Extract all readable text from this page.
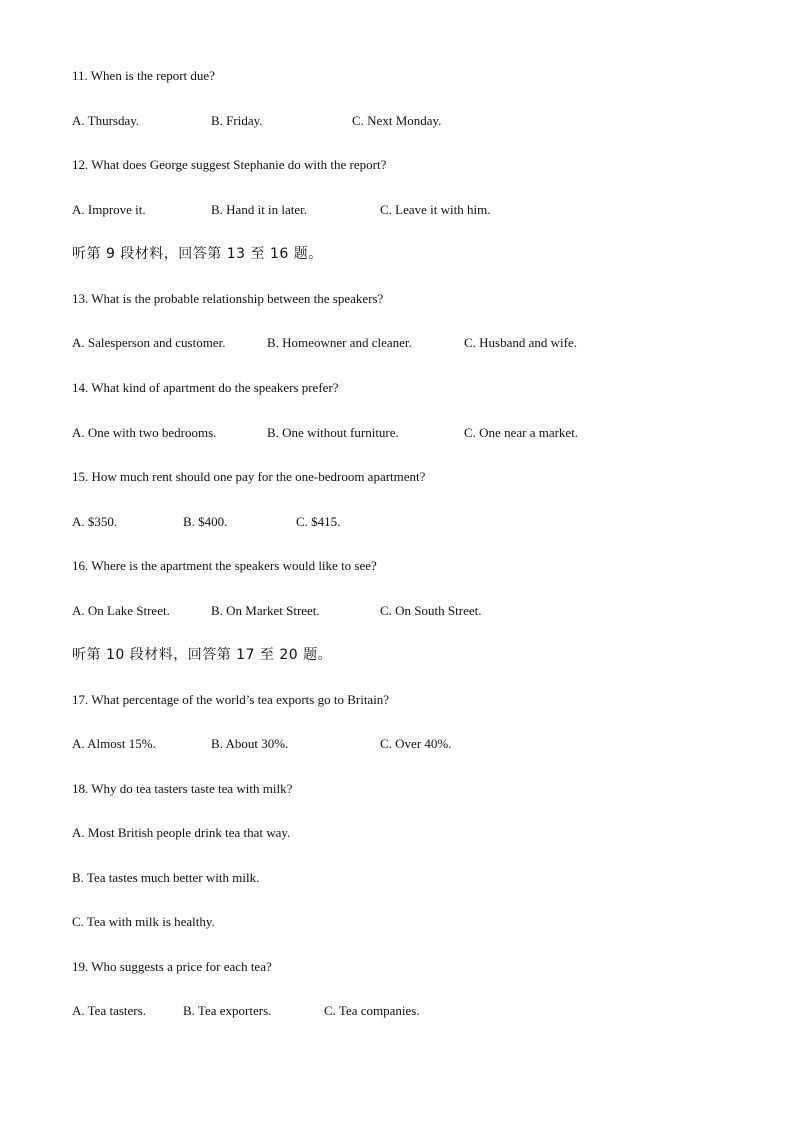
11. When is the report due?
A. Thursday.	B. Friday.	C. Next Monday.
12. What does George suggest Stephanie do with the report?
A. Improve it.	B. Hand it in later.	C. Leave it with him.
听第 9 段材料，回答第 13 至 16 题。
13. What is the probable relationship between the speakers?
A. Salesperson and customer.	B. Homeowner and cleaner.	C. Husband and wife.
14. What kind of apartment do the speakers prefer?
A. One with two bedrooms.	B. One without furniture.	C. One near a market.
15. How much rent should one pay for the one-bedroom apartment?
A. $350.	B. $400.	C. $415.
16. Where is the apartment the speakers would like to see?
A. On Lake Street.	B. On Market Street.	C. On South Street.
听第 10 段材料，回答第 17 至 20 题。
17. What percentage of the world’s tea exports go to Britain?
A. Almost 15%.	B. About 30%.	C. Over 40%.
18. Why do tea tasters taste tea with milk?
A. Most British people drink tea that way.
B. Tea tastes much better with milk.
C. Tea with milk is healthy.
19. Who suggests a price for each tea?
A. Tea tasters.	B. Tea exporters.	C. Tea companies.
